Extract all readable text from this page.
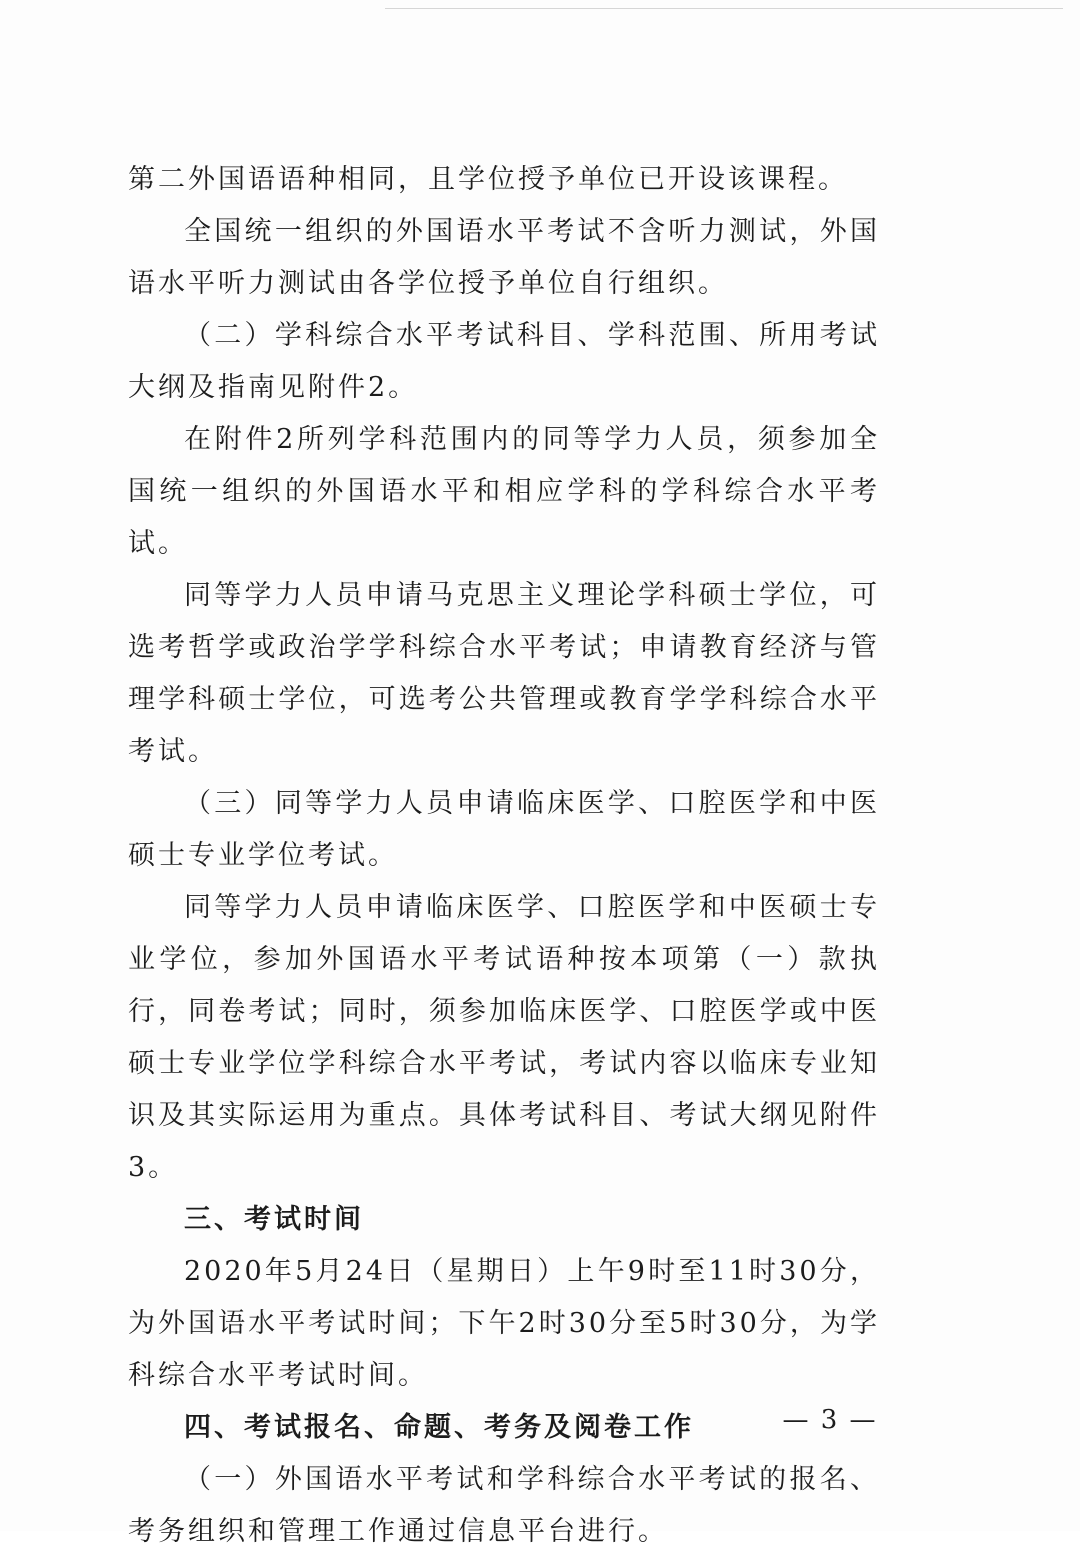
第二外国语语种相同，且学位授予单位已开设该课程。

全国统一组织的外国语水平考试不含听力测试，外国语水平听力测试由各学位授予单位自行组织。

（二）学科综合水平考试科目、学科范围、所用考试大纲及指南见附件2。

在附件2所列学科范围内的同等学力人员，须参加全国统一组织的外国语水平和相应学科的学科综合水平考试。

同等学力人员申请马克思主义理论学科硕士学位，可选考哲学或政治学学科综合水平考试；申请教育经济与管理学科硕士学位，可选考公共管理或教育学学科综合水平考试。

（三）同等学力人员申请临床医学、口腔医学和中医硕士专业学位考试。

同等学力人员申请临床医学、口腔医学和中医硕士专业学位，参加外国语水平考试语种按本项第（一）款执行，同卷考试；同时，须参加临床医学、口腔医学或中医硕士专业学位学科综合水平考试，考试内容以临床专业知识及其实际运用为重点。具体考试科目、考试大纲见附件3。

三、考试时间

2020年5月24日（星期日）上午9时至11时30分，为外国语水平考试时间；下午2时30分至5时30分，为学科综合水平考试时间。

四、考试报名、命题、考务及阅卷工作

（一）外国语水平考试和学科综合水平考试的报名、考务组织和管理工作通过信息平台进行。

— 3 —
